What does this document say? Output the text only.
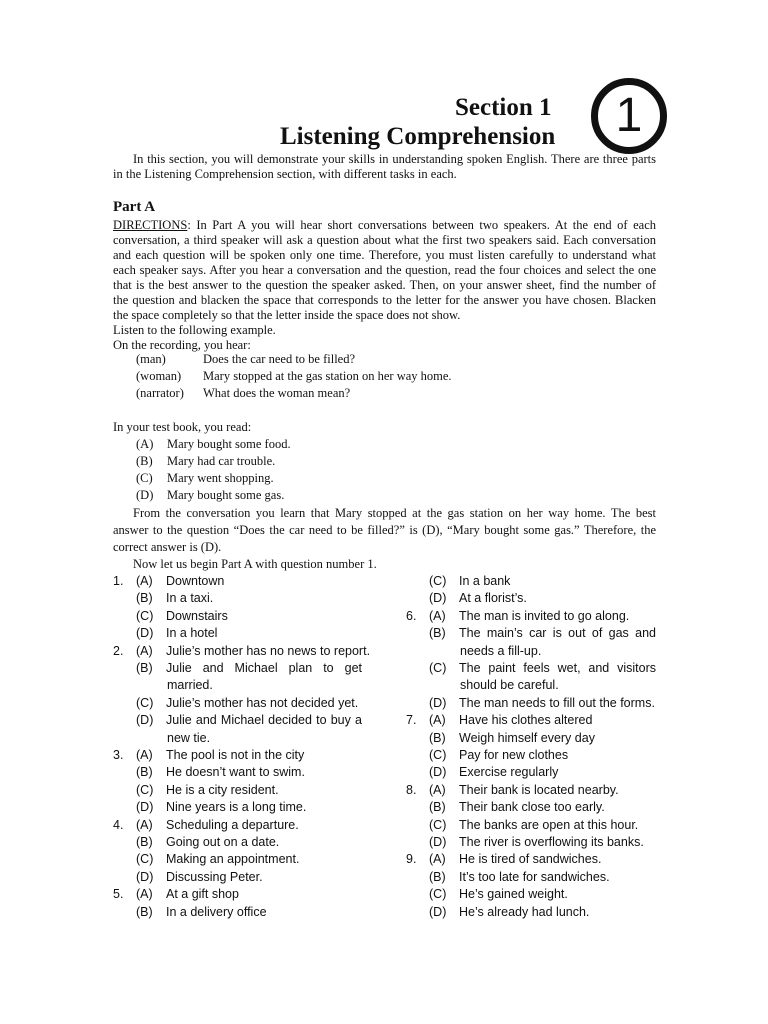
Section 1
Listening Comprehension	1
In this section, you will demonstrate your skills in understanding spoken English. There are three parts
in the Listening Comprehension section, with different tasks in each.
Part A
DIRECTIONS: In Part A you will hear short conversations between two speakers. At the end of each
conversation, a third speaker will ask a question about what the first two speakers said. Each conversation
and each question will be spoken only one time. Therefore, you must listen carefully to understand what
each speaker says. After you hear a conversation and the question, read the four choices and select the one
that is the best answer to the question the speaker asked. Then, on your answer sheet, find the number of
the question and blacken the space that corresponds to the letter for the answer you have chosen. Blacken
the space completely so that the letter inside the space does not show.
Listen to the following example.
On the recording, you hear:
(man)	Does the car need to be filled?
(woman) Mary stopped at the gas station on her way home.
(narrator) What does the woman mean?
In your test book, you read:
(A) Mary bought some food.
(B) Mary had car trouble.
(C) Mary went shopping.
(D) Mary bought some gas.
From the conversation you learn that Mary stopped at the gas station on her way home. The best
answer to the question “Does the car need to be filled?” is (D), “Mary bought some gas.” Therefore, the
correct answer is (D).
Now let us begin Part A with question number 1.
1. (A) Downtown
(B) In a taxi.
(C) Downstairs
(D) In a hotel
2. (A) Julie’s mother has no news to report.
(B) Julie and Michael plan to get
married.
(C) Julie’s mother has not decided yet.
(D) Julie and Michael decided to buy a
new tie.
3. (A) The pool is not in the city
(B) He doesn’t want to swim.
(C) He is a city resident.
(D) Nine years is a long time.
4. (A) Scheduling a departure.
(B) Going out on a date.
(C) Making an appointment.
(D) Discussing Peter.
5. (A) At a gift shop
(B) In a delivery office
(C) In a bank
(D) At a florist’s.
6. (A) The man is invited to go along.
(B) The main’s car is out of gas and
needs a fill-up.
(C) The paint feels wet, and visitors
should be careful.
(D) The man needs to fill out the forms.
7. (A) Have his clothes altered
(B) Weigh himself every day
(C) Pay for new clothes
(D) Exercise regularly
8. (A) Their bank is located nearby.
(B) Their bank close too early.
(C) The banks are open at this hour.
(D) The river is overflowing its banks.
9. (A) He is tired of sandwiches.
(B) It’s too late for sandwiches.
(C) He’s gained weight.
(D) He’s already had lunch.
